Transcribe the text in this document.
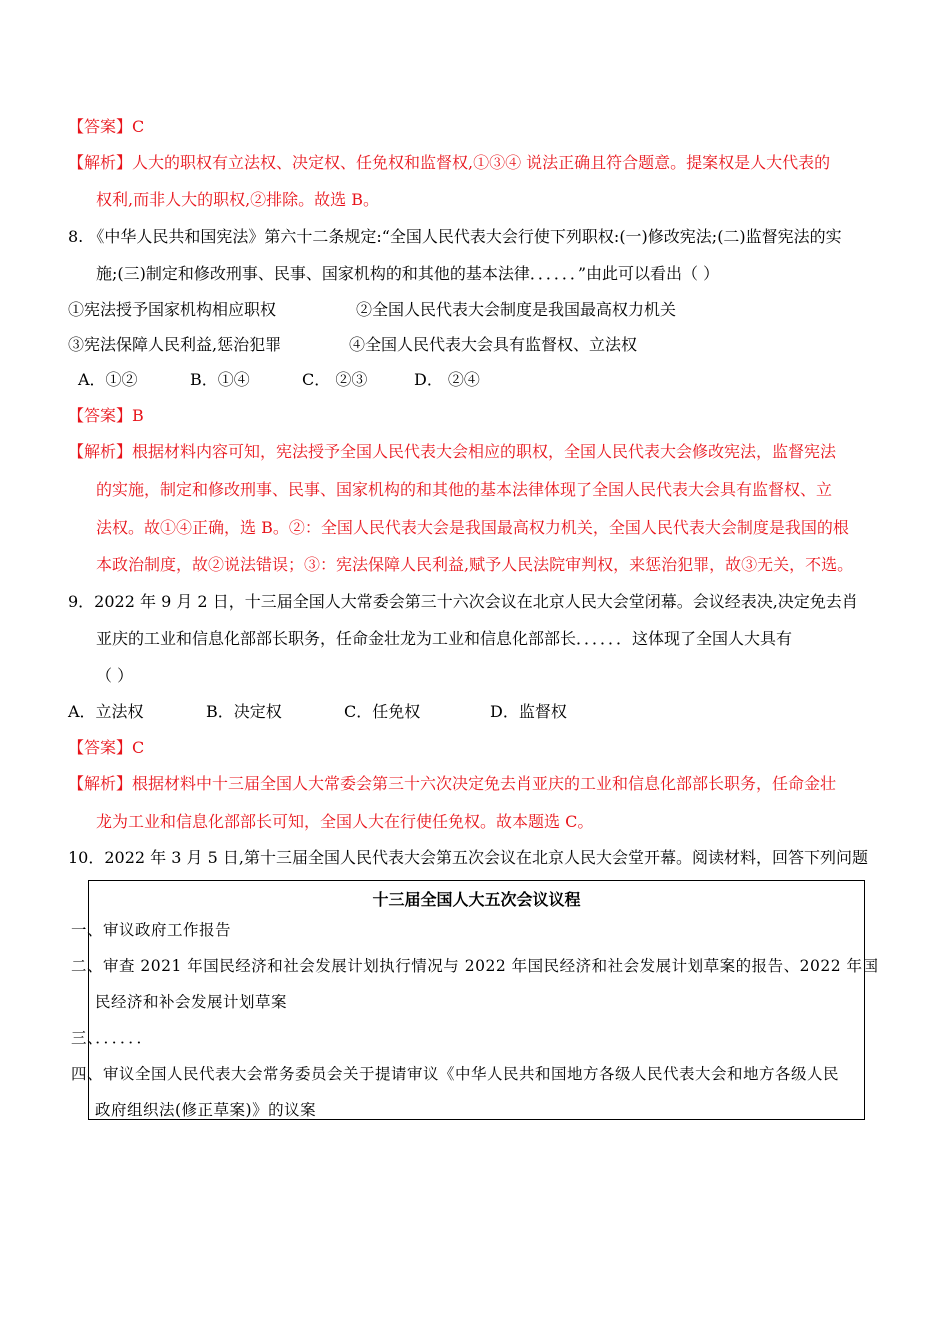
【答案】C
【解析】人大的职权有立法权、决定权、任免权和监督权,①③④ 说法正确且符合题意。提案权是人大代表的
权利,而非人大的职权,②排除。故选 B。
8. 《中华人民共和国宪法》第六十二条规定:“全国人民代表大会行使下列职权:(一)修改宪法;(二)监督宪法的实
施;(三)制定和修改刑事、民事、国家机构的和其他的基本法律．．．．．．”由此可以看出（ ）
①宪法授予国家机构相应职权	②全国人民代表大会制度是我国最高权力机关
③宪法保障人民利益,惩治犯罪	④全国人民代表大会具有监督权、立法权
A．①②	B．①④	C． ②③	D． ②④
【答案】B
【解析】根据材料内容可知，宪法授予全国人民代表大会相应的职权，全国人民代表大会修改宪法，监督宪法
的实施，制定和修改刑事、民事、国家机构的和其他的基本法律体现了全国人民代表大会具有监督权、立
法权。故①④正确，选 B。②：全国人民代表大会是我国最高权力机关，全国人民代表大会制度是我国的根
本政治制度，故②说法错误；③：宪法保障人民利益,赋予人民法院审判权，来惩治犯罪，故③无关，不选。
9．2022 年 9 月 2 日，十三届全国人大常委会第三十六次会议在北京人民大会堂闭幕。会议经表决,决定免去肖
亚庆的工业和信息化部部长职务，任命金壮龙为工业和信息化部部长．．．．．．这体现了全国人大具有
（ ）
A．立法权	B．决定权	C．任免权	D．监督权
【答案】C
【解析】根据材料中十三届全国人大常委会第三十六次决定免去肖亚庆的工业和信息化部部长职务，任命金壮
龙为工业和信息化部部长可知，全国人大在行使任免权。故本题选 C。
10．2022 年 3 月 5 日,第十三届全国人民代表大会第五次会议在北京人民大会堂开幕。阅读材料，回答下列问题
十三届全国人大五次会议议程
一、审议政府工作报告
二、审查 2021 年国民经济和社会发展计划执行情况与 2022 年国民经济和社会发展计划草案的报告、2022 年国
民经济和补会发展计划草案
三、．．．．．．
四、审议全国人民代表大会常务委员会关于提请审议《中华人民共和国地方各级人民代表大会和地方各级人民
政府组织法(修正草案)》的议案
